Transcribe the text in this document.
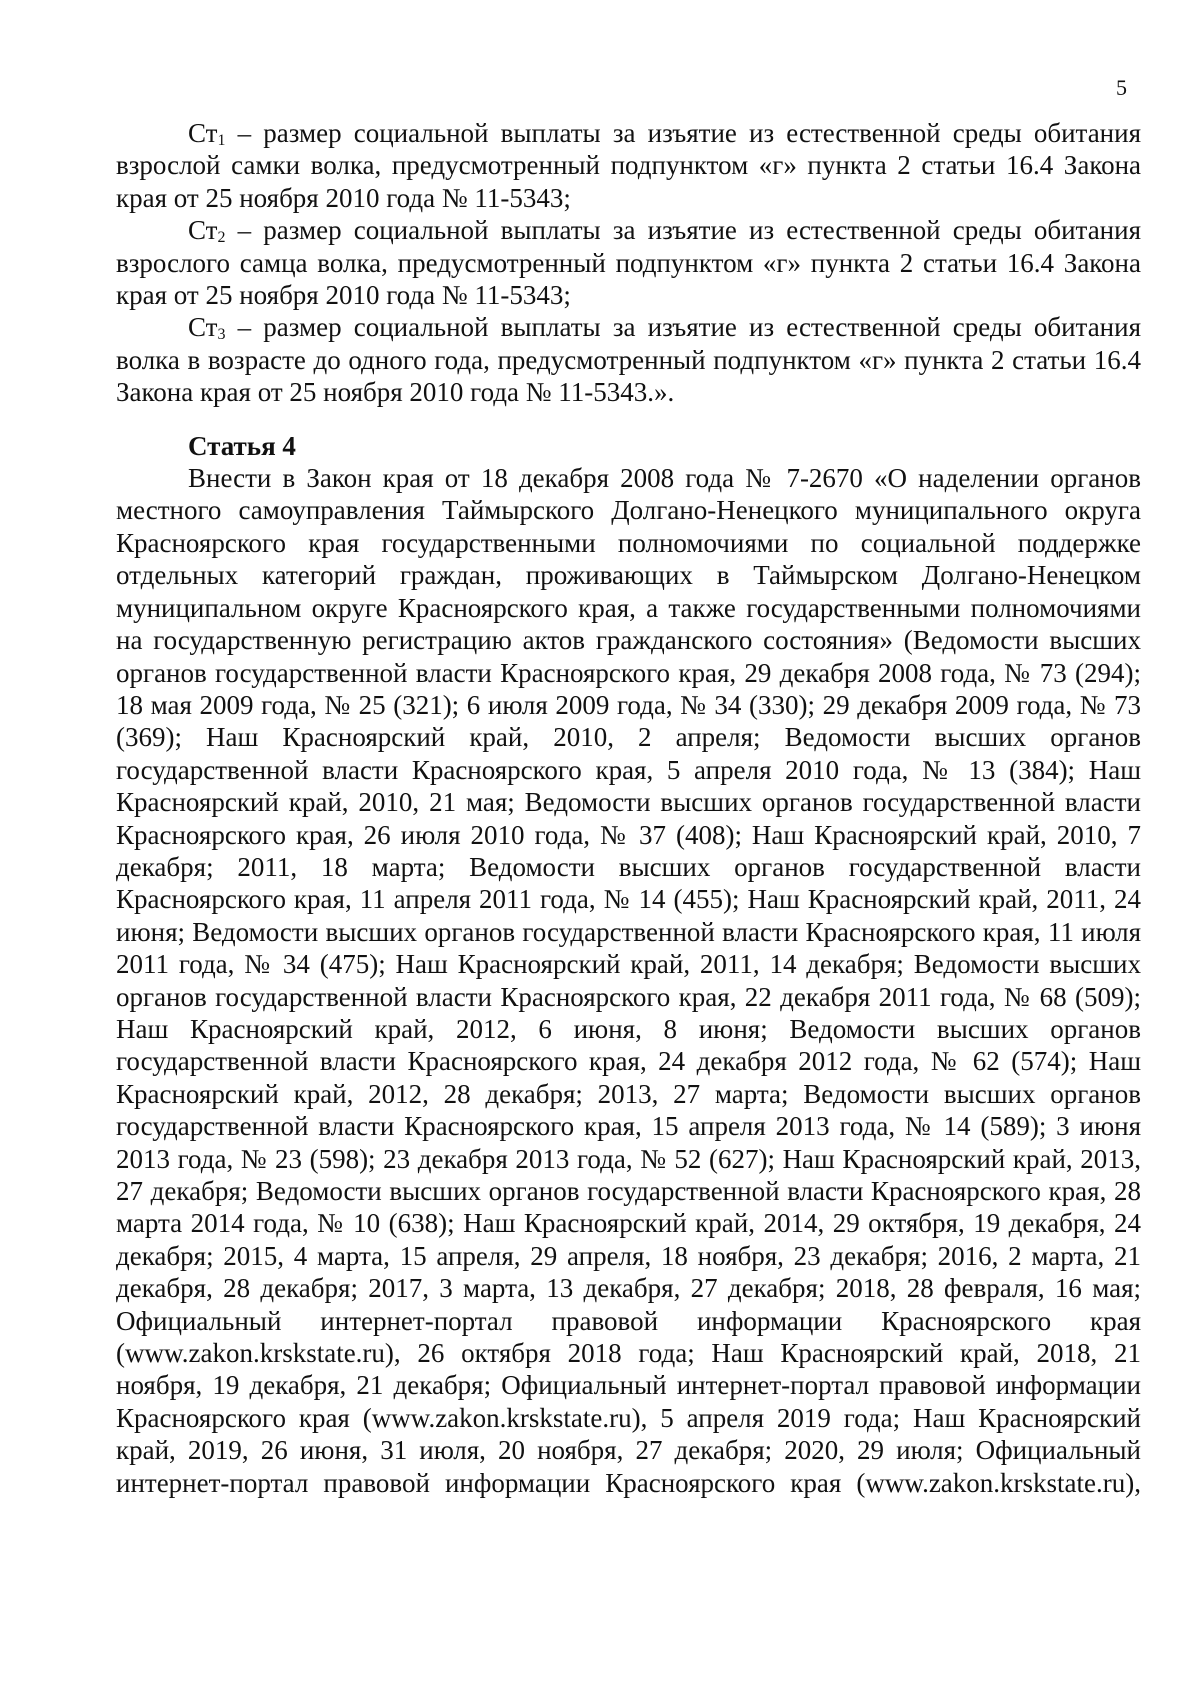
5

$Ст_1$ – размер социальной выплаты за изъятие из естественной среды обитания взрослой самки волка, предусмотренный подпунктом «г» пункта 2 статьи 16.4 Закона края от 25 ноября 2010 года № 11-5343;

$Ст_2$ – размер социальной выплаты за изъятие из естественной среды обитания взрослого самца волка, предусмотренный подпунктом «г» пункта 2 статьи 16.4 Закона края от 25 ноября 2010 года № 11-5343;

$Ст_3$ – размер социальной выплаты за изъятие из естественной среды обитания волка в возрасте до одного года, предусмотренный подпунктом «г» пункта 2 статьи 16.4 Закона края от 25 ноября 2010 года № 11-5343.».

Статья 4

Внести в Закон края от 18 декабря 2008 года № 7-2670 «О наделении органов местного самоуправления Таймырского Долгано-Ненецкого муниципального округа Красноярского края государственными полномочиями по социальной поддержке отдельных категорий граждан, проживающих в Таймырском Долгано-Ненецком муниципальном округе Красноярского края, а также государственными полномочиями на государственную регистрацию актов гражданского состояния» (Ведомости высших органов государственной власти Красноярского края, 29 декабря 2008 года, № 73 (294); 18 мая 2009 года, № 25 (321); 6 июля 2009 года, № 34 (330); 29 декабря 2009 года, № 73 (369); Наш Красноярский край, 2010, 2 апреля; Ведомости высших органов государственной власти Красноярского края, 5 апреля 2010 года, № 13 (384); Наш Красноярский край, 2010, 21 мая; Ведомости высших органов государственной власти Красноярского края, 26 июля 2010 года, № 37 (408); Наш Красноярский край, 2010, 7 декабря; 2011, 18 марта; Ведомости высших органов государственной власти Красноярского края, 11 апреля 2011 года, № 14 (455); Наш Красноярский край, 2011, 24 июня; Ведомости высших органов государственной власти Красноярского края, 11 июля 2011 года, № 34 (475); Наш Красноярский край, 2011, 14 декабря; Ведомости высших органов государственной власти Красноярского края, 22 декабря 2011 года, № 68 (509); Наш Красноярский край, 2012, 6 июня, 8 июня; Ведомости высших органов государственной власти Красноярского края, 24 декабря 2012 года, № 62 (574); Наш Красноярский край, 2012, 28 декабря; 2013, 27 марта; Ведомости высших органов государственной власти Красноярского края, 15 апреля 2013 года, № 14 (589); 3 июня 2013 года, № 23 (598); 23 декабря 2013 года, № 52 (627); Наш Красноярский край, 2013, 27 декабря; Ведомости высших органов государственной власти Красноярского края, 28 марта 2014 года, № 10 (638); Наш Красноярский край, 2014, 29 октября, 19 декабря, 24 декабря; 2015, 4 марта, 15 апреля, 29 апреля, 18 ноября, 23 декабря; 2016, 2 марта, 21 декабря, 28 декабря; 2017, 3 марта, 13 декабря, 27 декабря; 2018, 28 февраля, 16 мая; Официальный интернет-портал правовой информации Красноярского края (www.zakon.krskstate.ru), 26 октября 2018 года; Наш Красноярский край, 2018, 21 ноября, 19 декабря, 21 декабря; Официальный интернет-портал правовой информации Красноярского края (www.zakon.krskstate.ru), 5 апреля 2019 года; Наш Красноярский край, 2019, 26 июня, 31 июля, 20 ноября, 27 декабря; 2020, 29 июля; Официальный интернет-портал правовой информации Красноярского края (www.zakon.krskstate.ru),
